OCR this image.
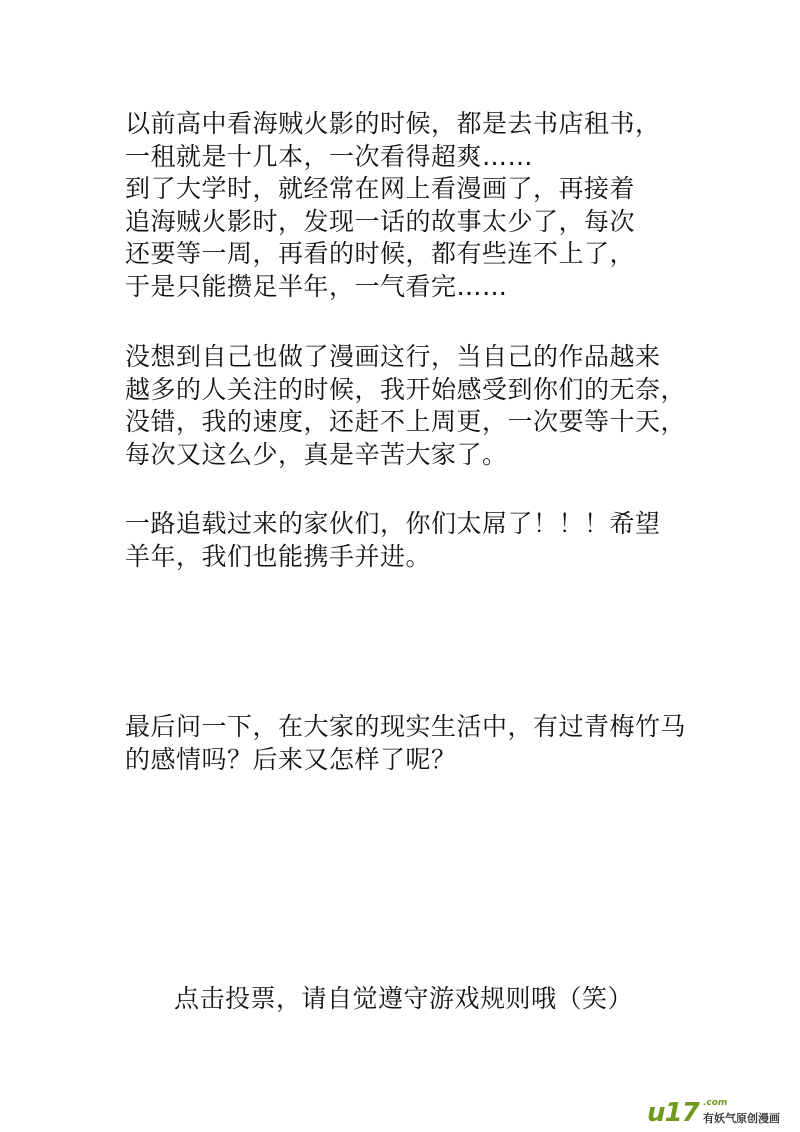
以前高中看海贼火影的时候，都是去书店租书，
一租就是十几本，一次看得超爽……
到了大学时，就经常在网上看漫画了，再接着
追海贼火影时，发现一话的故事太少了，每次
还要等一周，再看的时候，都有些连不上了，
于是只能攒足半年，一气看完……

没想到自己也做了漫画这行，当自己的作品越来
越多的人关注的时候，我开始感受到你们的无奈，
没错，我的速度，还赶不上周更，一次要等十天，
每次又这么少，真是辛苦大家了。

一路追载过来的家伙们，你们太屌了！！！希望
羊年，我们也能携手并进。

最后问一下，在大家的现实生活中，有过青梅竹马
的感情吗？后来又怎样了呢？

点击投票，请自觉遵守游戏规则哦（笑）
u17 .com
有妖气原创漫画
